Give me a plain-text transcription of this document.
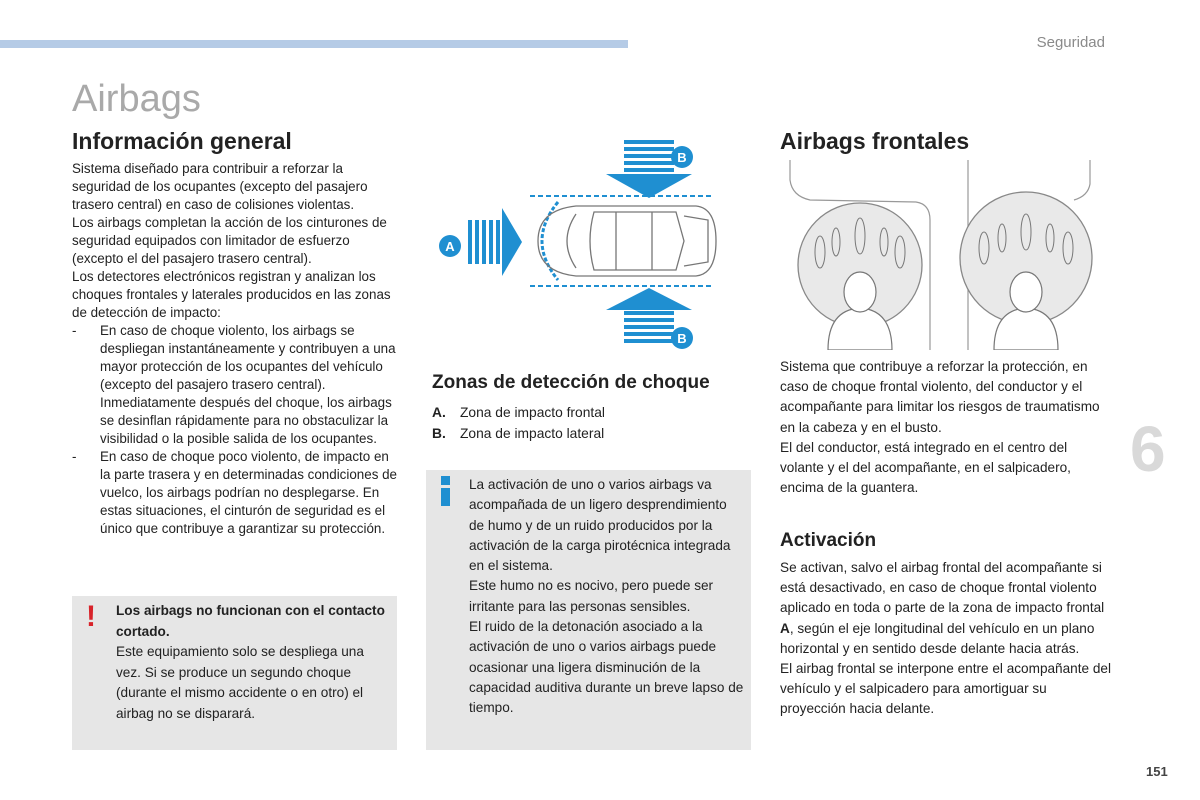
Seguridad
Airbags
Información general

Sistema diseñado para contribuir a reforzar la seguridad de los ocupantes (excepto del pasajero trasero central) en caso de colisiones violentas.

Los airbags completan la acción de los cinturones de seguridad equipados con limitador de esfuerzo (excepto el del pasajero trasero central).

Los detectores electrónicos registran y analizan los choques frontales y laterales producidos en las zonas de detección de impacto:

-	En caso de choque violento, los airbags se despliegan instantáneamente y contribuyen a una mayor protección de los ocupantes del vehículo (excepto del pasajero trasero central). Inmediatamente después del choque, los airbags se desinflan rápidamente para no obstaculizar la visibilidad o la posible salida de los ocupantes.
-	En caso de choque poco violento, de impacto en la parte trasera y en determinadas condiciones de vuelco, los airbags podrían no desplegarse. En estas situaciones, el cinturón de seguridad es el único que contribuye a garantizar su protección.
! Los airbags no funcionan con el contacto cortado.
Este equipamiento solo se despliega una vez. Si se produce un segundo choque (durante el mismo accidente o en otro) el airbag no se disparará.
B
A
B
Zonas de detección de choque
A.	Zona de impacto frontal
B.	Zona de impacto lateral
La activación de uno o varios airbags va acompañada de un ligero desprendimiento de humo y de un ruido producidos por la activación de la carga pirotécnica integrada en el sistema.
Este humo no es nocivo, pero puede ser irritante para las personas sensibles.
El ruido de la detonación asociado a la activación de uno o varios airbags puede ocasionar una ligera disminución de la capacidad auditiva durante un breve lapso de tiempo.
Airbags frontales

Sistema que contribuye a reforzar la protección, en caso de choque frontal violento, del conductor y el acompañante para limitar los riesgos de traumatismo en la cabeza y en el busto.

El del conductor, está integrado en el centro del volante y el del acompañante, en el salpicadero, encima de la guantera.

Activación

Se activan, salvo el airbag frontal del acompañante si está desactivado, en caso de choque frontal violento aplicado en toda o parte de la zona de impacto frontal A, según el eje longitudinal del vehículo en un plano horizontal y en sentido desde delante hacia atrás.

El airbag frontal se interpone entre el acompañante del vehículo y el salpicadero para amortiguar su proyección hacia delante.

6
151
